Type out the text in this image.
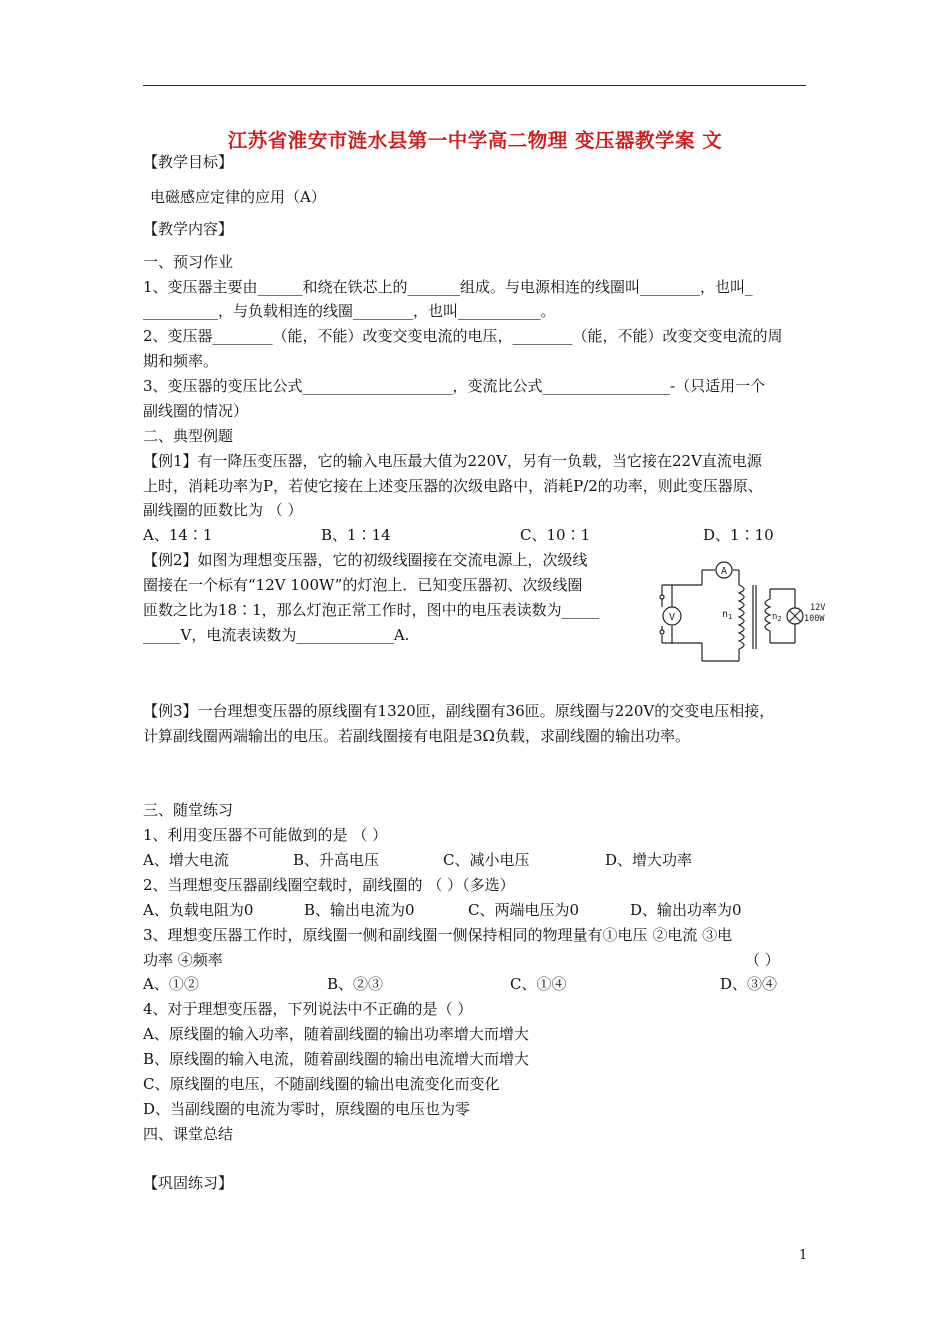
江苏省淮安市涟水县第一中学高二物理 变压器教学案 文
【教学目标】
电磁感应定律的应用（A）
【教学内容】
一、预习作业
1、变压器主要由______和绕在铁芯上的_______组成。与电源相连的线圈叫________，也叫_
__________，与负载相连的线圈________，也叫___________。
2、变压器________（能，不能）改变交变电流的电压，________（能，不能）改变交变电流的周
期和频率。
3、变压器的变压比公式____________________，变流比公式_________________-（只适用一个
副线圈的情况）
二、典型例题
【例1】有一降压变压器，它的输入电压最大值为220V，另有一负载，当它接在22V直流电源
上时，消耗功率为P，若使它接在上述变压器的次级电路中，消耗P/2的功率，则此变压器原、
副线圈的匝数比为 （ ）
A、14∶1	B、1∶14	C、10∶1	D、1∶10
【例2】如图为理想变压器，它的初级线圈接在交流电源上，次级线
圈接在一个标有“12V 100W”的灯泡上．已知变压器初、次级线圈
匝数之比为18∶1，那么灯泡正常工作时，图中的电压表读数为_____
_____V，电流表读数为_____________A.
A
V	$n_1$	$n_2$
12V
100W
【例3】一台理想变压器的原线圈有1320匝，副线圈有36匝。原线圈与220V的交变电压相接，
计算副线圈两端输出的电压。若副线圈接有电阻是3Ω负载，求副线圈的输出功率。
三、随堂练习
1、利用变压器不可能做到的是 （ ）
A、增大电流	B、升高电压	C、减小电压	D、增大功率
2、当理想变压器副线圈空载时，副线圈的 （ ）（多选）
A、负载电阻为0	B、输出电流为0	C、两端电压为0	D、输出功率为0
3、理想变压器工作时，原线圈一侧和副线圈一侧保持相同的物理量有①电压 ②电流 ③电
功率 ④频率	（ ）
A、①②	B、②③	C、①④	D、③④
4、对于理想变压器，下列说法中不正确的是（ ）
A、原线圈的输入功率，随着副线圈的输出功率增大而增大
B、原线圈的输入电流，随着副线圈的输出电流增大而增大
C、原线圈的电压，不随副线圈的输出电流变化而变化
D、当副线圈的电流为零时，原线圈的电压也为零
四、课堂总结
【巩固练习】
1
